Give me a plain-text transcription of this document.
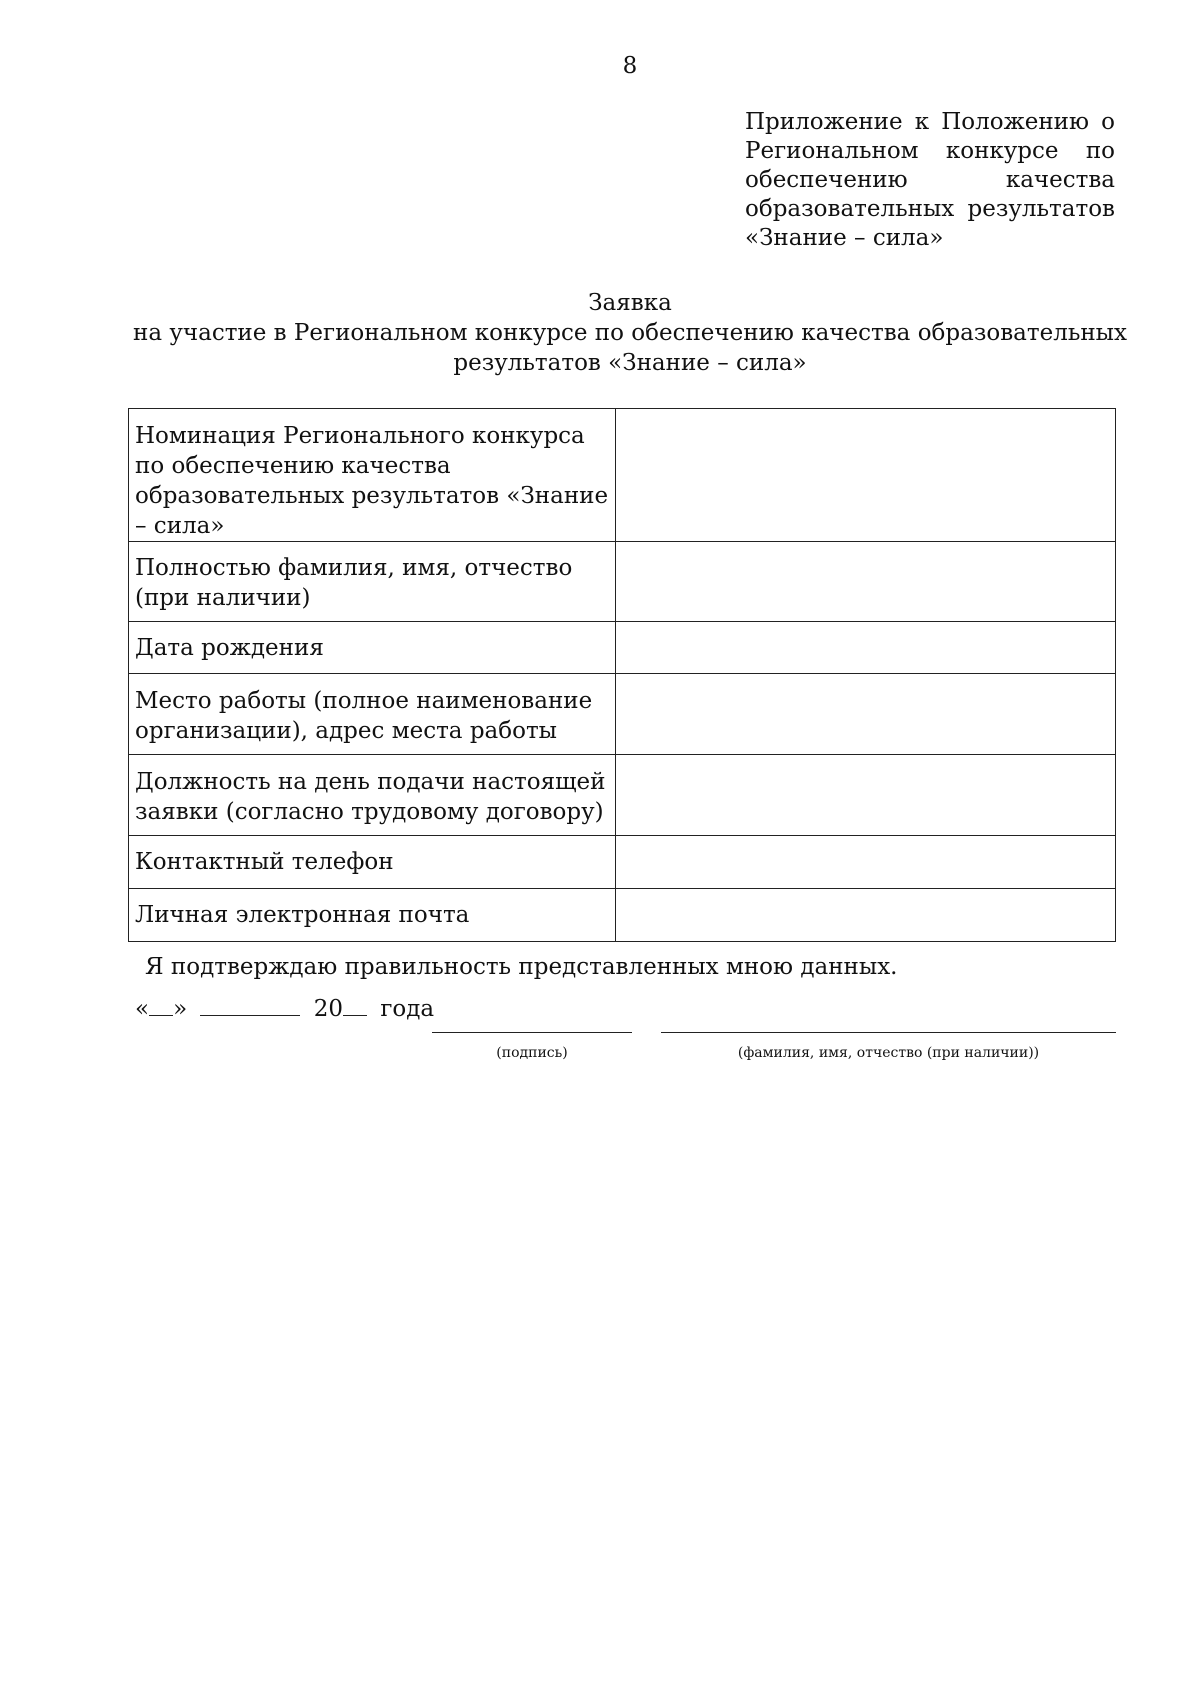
8
Приложение к Положению о
Региональном конкурсе по
обеспечению	качества
образовательных результатов
«Знание – сила»
Заявка
на участие в Региональном конкурсе по обеспечению качества образовательных
результатов «Знание – сила»
Номинация Регионального конкурса по обеспечению качества образовательных результатов «Знание – сила»	
Полностью фамилия, имя, отчество (при наличии)	
Дата рождения	
Место работы (полное наименование организации), адрес места работы	
Должность на день подачи настоящей заявки (согласно трудовому договору)	
Контактный телефон	
Личная электронная почта	
Я подтверждаю правильность представленных мною данных.
« »	20 года
(подпись)	(фамилия, имя, отчество (при наличии))
